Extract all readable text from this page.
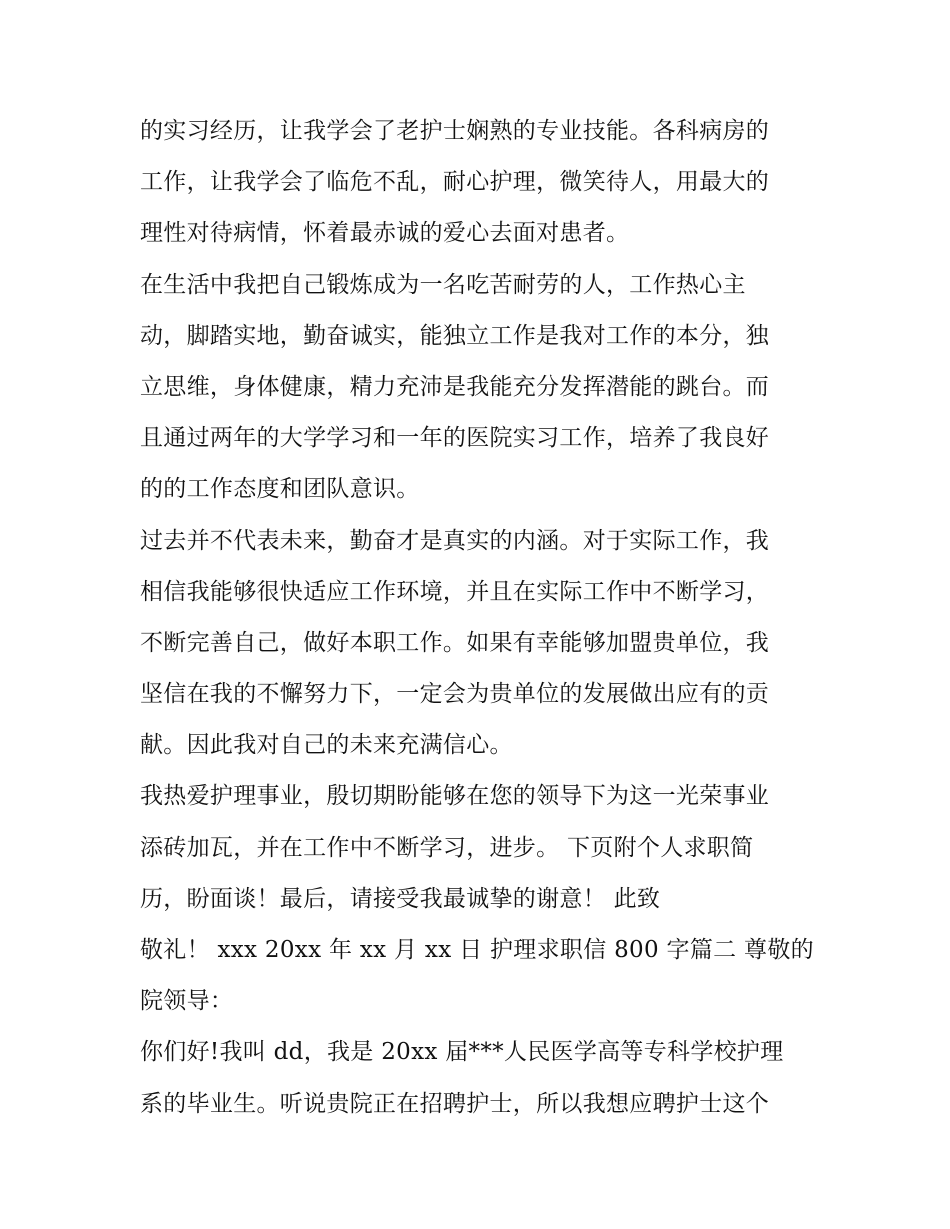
的实习经历，让我学会了老护士娴熟的专业技能。各科病房的
工作，让我学会了临危不乱，耐心护理，微笑待人，用最大的
理性对待病情，怀着最赤诚的爱心去面对患者。
在生活中我把自己锻炼成为一名吃苦耐劳的人，工作热心主
动，脚踏实地，勤奋诚实，能独立工作是我对工作的本分，独
立思维，身体健康，精力充沛是我能充分发挥潜能的跳台。而
且通过两年的大学学习和一年的医院实习工作，培养了我良好
的的工作态度和团队意识。
过去并不代表未来，勤奋才是真实的内涵。对于实际工作，我
相信我能够很快适应工作环境，并且在实际工作中不断学习，
不断完善自己，做好本职工作。如果有幸能够加盟贵单位，我
坚信在我的不懈努力下，一定会为贵单位的发展做出应有的贡
献。因此我对自己的未来充满信心。
我热爱护理事业，殷切期盼能够在您的领导下为这一光荣事业
添砖加瓦，并在工作中不断学习，进步。 下页附个人求职简
历，盼面谈！最后，请接受我最诚挚的谢意！ 此致
敬礼！ xxx 20xx 年 xx 月 xx 日 护理求职信 800 字篇二 尊敬的
院领导：
你们好!我叫 dd，我是 20xx 届***人民医学高等专科学校护理
系的毕业生。听说贵院正在招聘护士，所以我想应聘护士这个
